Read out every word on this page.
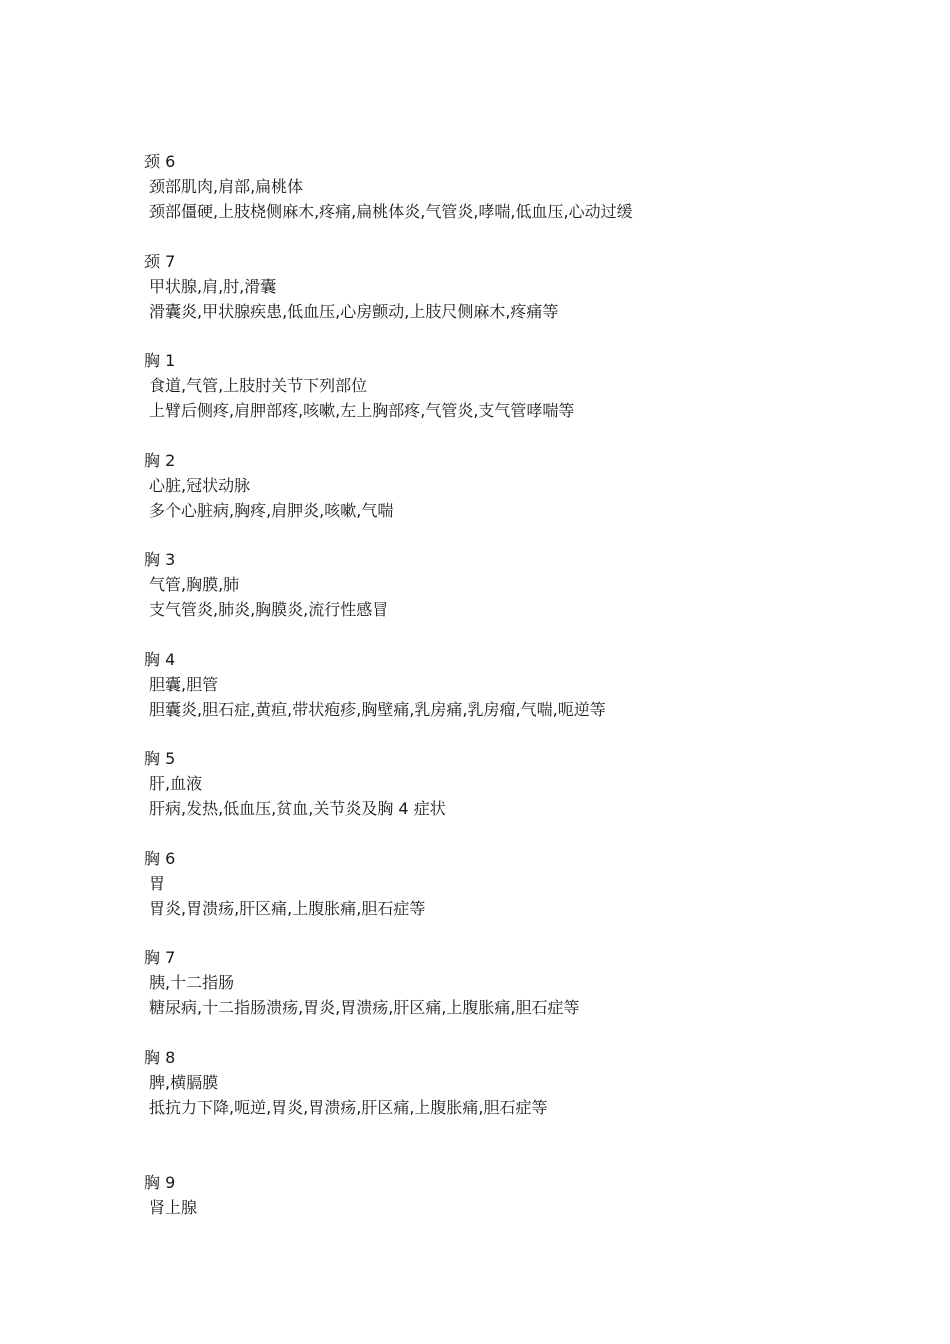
颈 6
颈部肌肉,肩部,扁桃体
颈部僵硬,上肢桡侧麻木,疼痛,扁桃体炎,气管炎,哮喘,低血压,心动过缓
颈 7
甲状腺,肩,肘,滑囊
滑囊炎,甲状腺疾患,低血压,心房颤动,上肢尺侧麻木,疼痛等
胸 1
食道,气管,上肢肘关节下列部位
上臂后侧疼,肩胛部疼,咳嗽,左上胸部疼,气管炎,支气管哮喘等
胸 2
心脏,冠状动脉
多个心脏病,胸疼,肩胛炎,咳嗽,气喘
胸 3
气管,胸膜,肺
支气管炎,肺炎,胸膜炎,流行性感冒
胸 4
胆囊,胆管
胆囊炎,胆石症,黄疸,带状疱疹,胸壁痛,乳房痛,乳房瘤,气喘,呃逆等
胸 5
肝,血液
肝病,发热,低血压,贫血,关节炎及胸 4 症状
胸 6
胃
胃炎,胃溃疡,肝区痛,上腹胀痛,胆石症等
胸 7
胰,十二指肠
糖尿病,十二指肠溃疡,胃炎,胃溃疡,肝区痛,上腹胀痛,胆石症等
胸 8
脾,横膈膜
抵抗力下降,呃逆,胃炎,胃溃疡,肝区痛,上腹胀痛,胆石症等
胸 9
肾上腺
